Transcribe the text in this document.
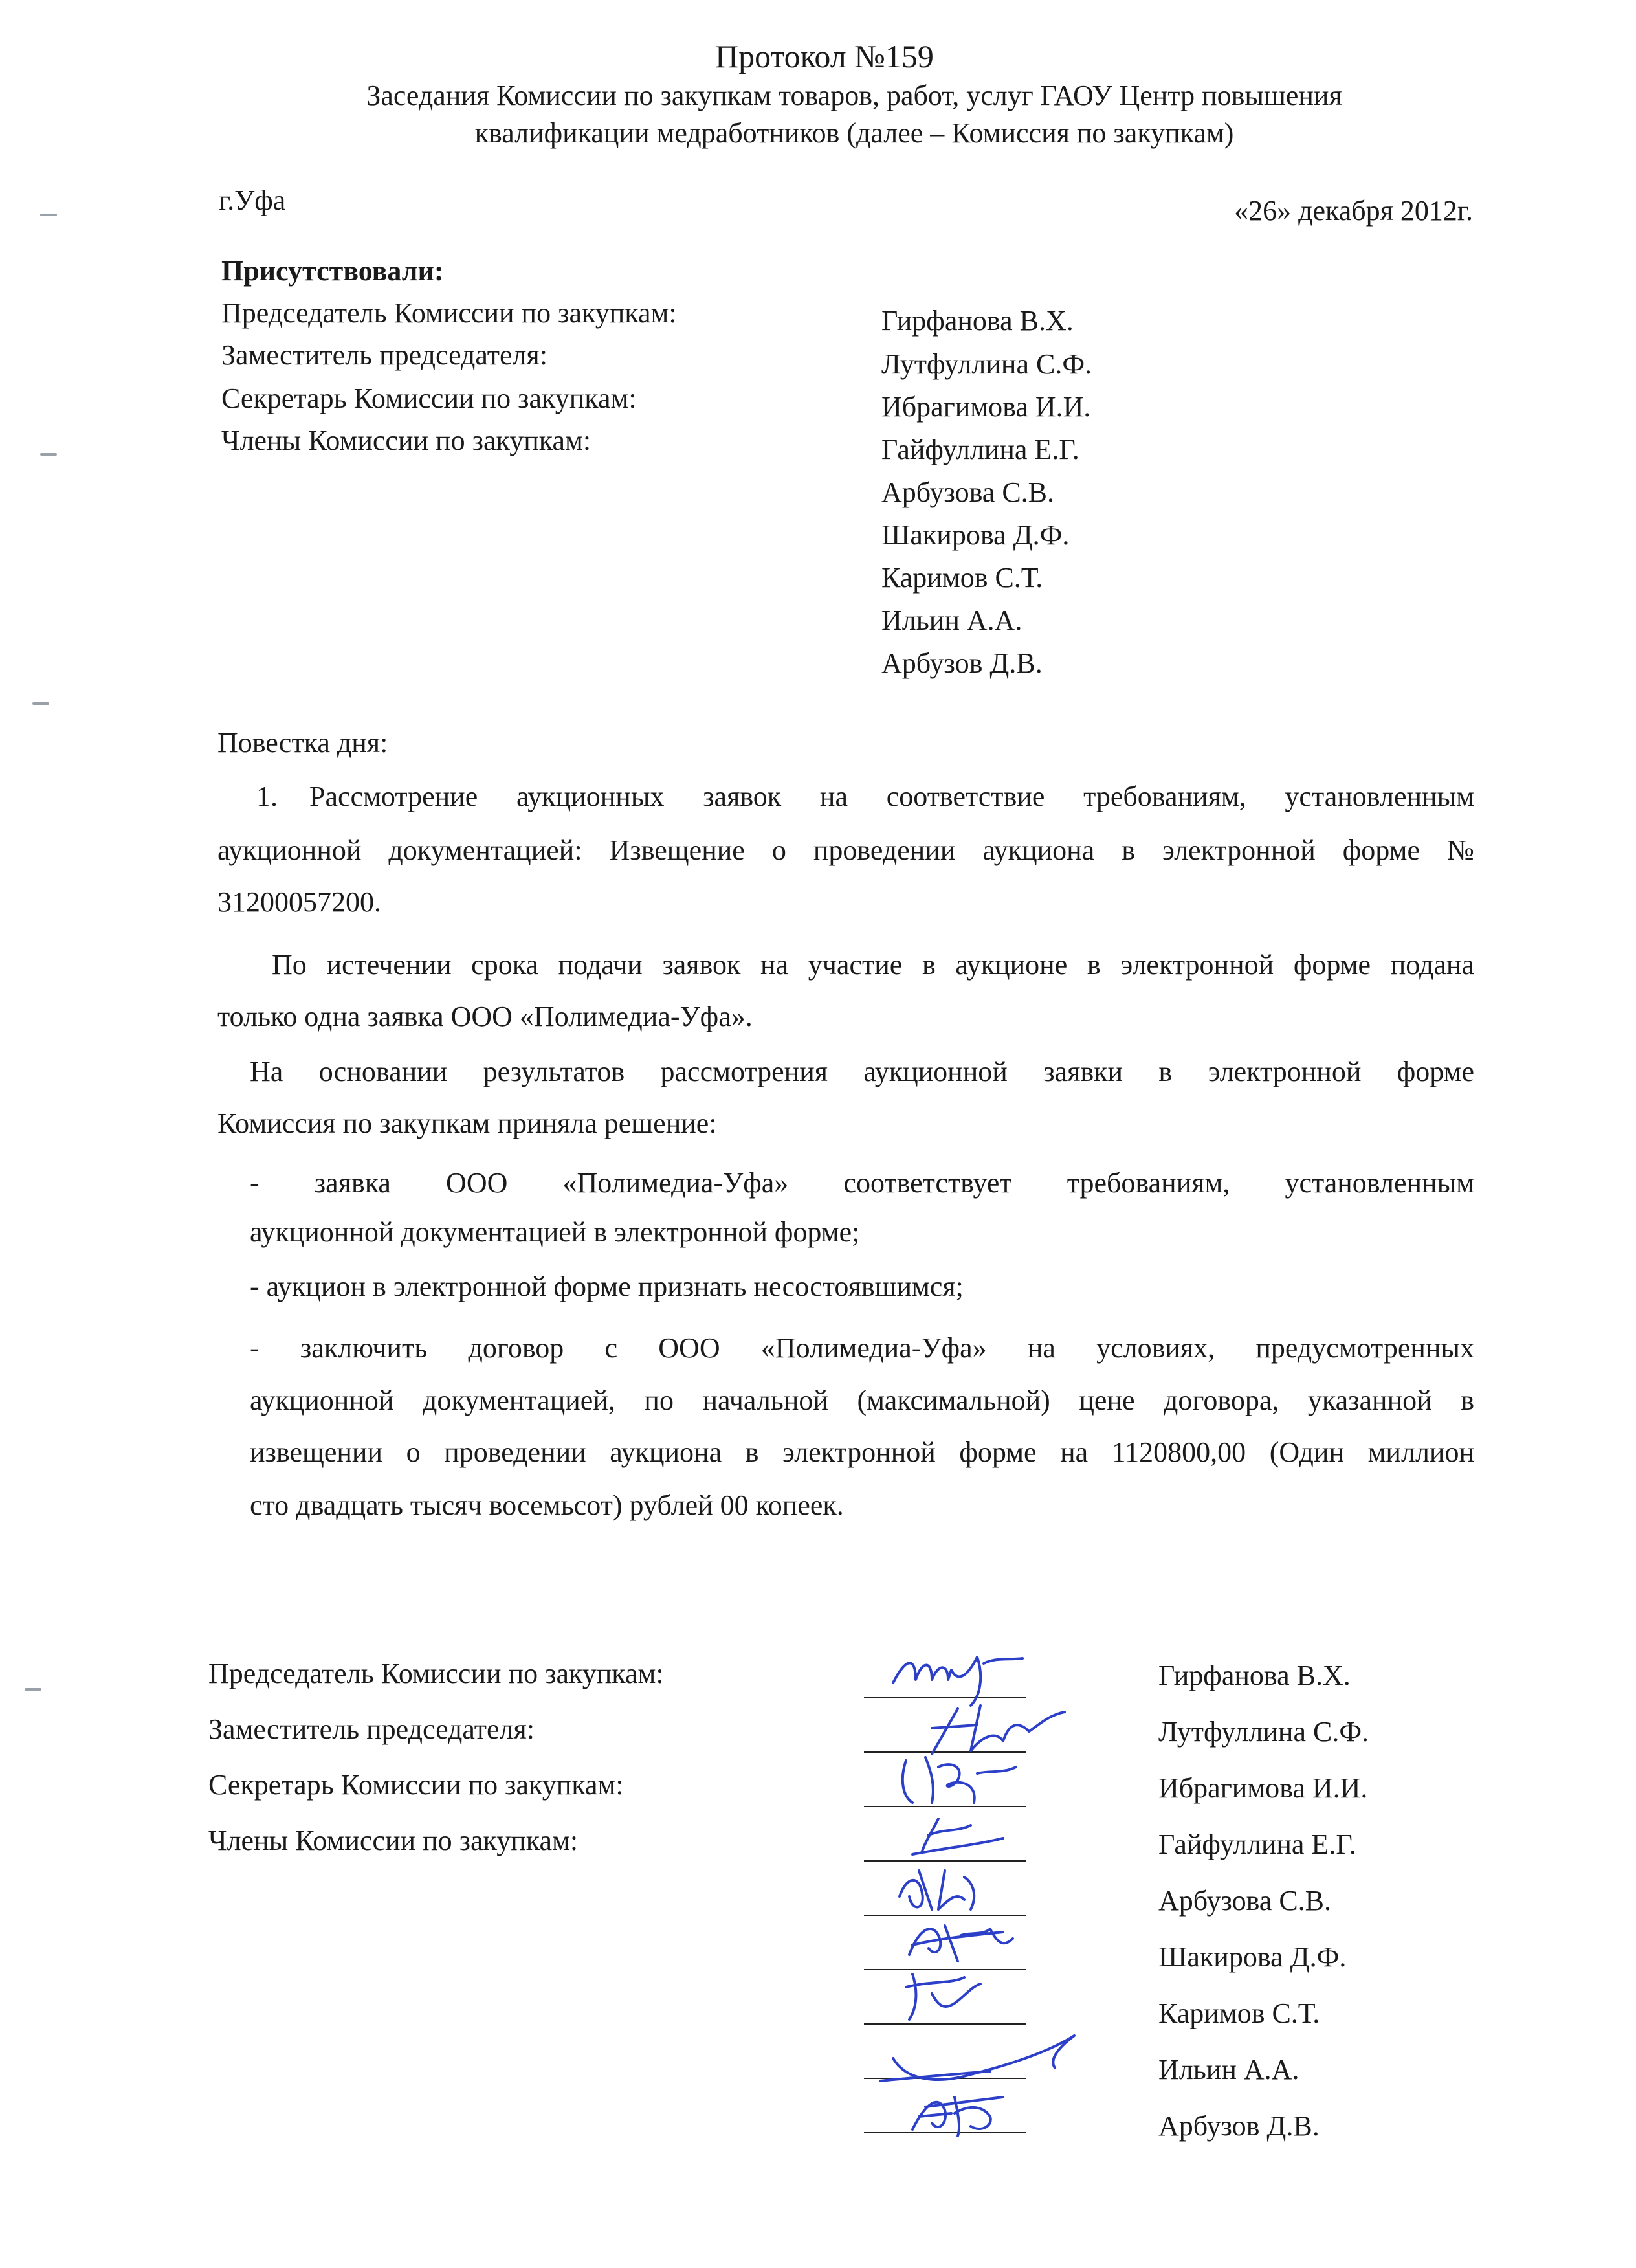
Протокол №159
Заседания Комиссии по закупкам товаров, работ, услуг ГАОУ Центр повышения
квалификации медработников (далее – Комиссия по закупкам)
г.Уфа	«26» декабря 2012г.
Присутствовали:
Председатель Комиссии по закупкам:
Заместитель председателя:
Секретарь Комиссии по закупкам:
Члены Комиссии по закупкам:
Гирфанова В.Х.
Лутфуллина С.Ф.
Ибрагимова И.И.
Гайфуллина Е.Г.
Арбузова С.В.
Шакирова Д.Ф.
Каримов С.Т.
Ильин А.А.
Арбузов Д.В.
Повестка дня:
1. Рассмотрение аукционных заявок на соответствие требованиям, установленным
аукционной документацией: Извещение о проведении аукциона в электронной форме №
31200057200.
По истечении срока подачи заявок на участие в аукционе в электронной форме подана
только одна заявка ООО «Полимедиа-Уфа».
На основании результатов рассмотрения аукционной заявки в электронной форме
Комиссия по закупкам приняла решение:
- заявка ООО «Полимедиа-Уфа» соответствует требованиям, установленным
аукционной документацией в электронной форме;
- аукцион в электронной форме признать несостоявшимся;
- заключить договор с ООО «Полимедиа-Уфа» на условиях, предусмотренных
аукционной документацией, по начальной (максимальной) цене договора, указанной в
извещении о проведении аукциона в электронной форме на 1120800,00 (Один миллион
сто двадцать тысяч восемьсот) рублей 00 копеек.
Председатель Комиссии по закупкам:
Заместитель председателя:
Секретарь Комиссии по закупкам:
Члены Комиссии по закупкам:
Гирфанова В.Х.
Лутфуллина С.Ф.
Ибрагимова И.И.
Гайфуллина Е.Г.
Арбузова С.В.
Шакирова Д.Ф.
Каримов С.Т.
Ильин А.А.
Арбузов Д.В.
